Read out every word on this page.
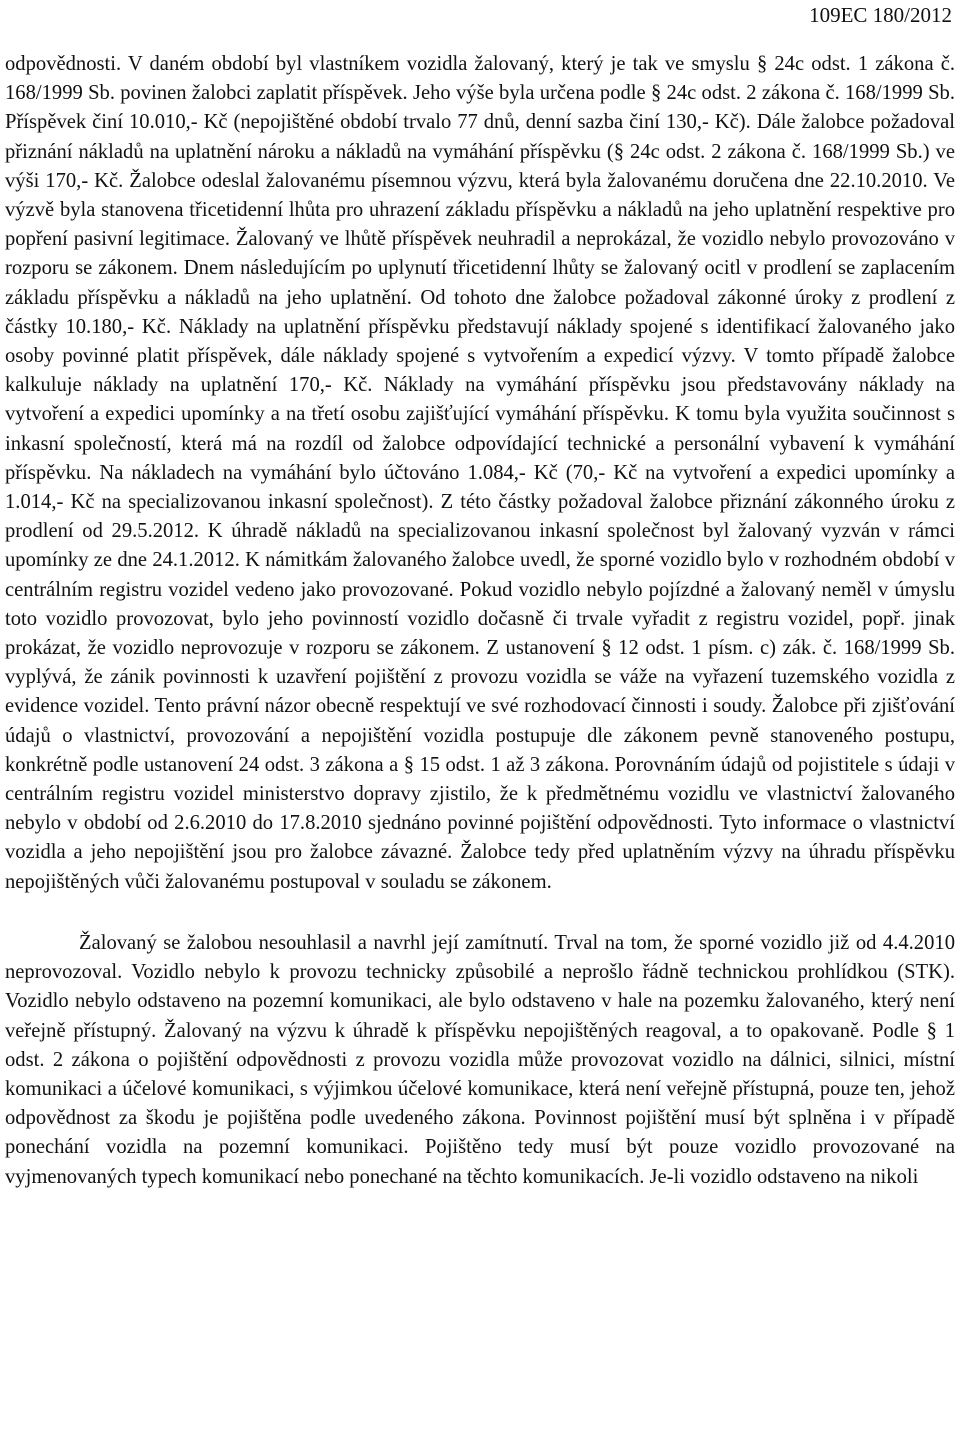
109EC 180/2012

odpovědnosti. V daném období byl vlastníkem vozidla žalovaný, který je tak ve smyslu § 24c odst. 1 zákona č. 168/1999 Sb. povinen žalobci zaplatit příspěvek. Jeho výše byla určena podle § 24c odst. 2 zákona č. 168/1999 Sb. Příspěvek činí 10.010,- Kč (nepojištěné období trvalo 77 dnů, denní sazba činí 130,- Kč). Dále žalobce požadoval přiznání nákladů na uplatnění nároku a nákladů na vymáhání příspěvku (§ 24c odst. 2 zákona č. 168/1999 Sb.) ve výši 170,- Kč. Žalobce odeslal žalovanému písemnou výzvu, která byla žalovanému doručena dne 22.10.2010. Ve výzvě byla stanovena třicetidenní lhůta pro uhrazení základu příspěvku a nákladů na jeho uplatnění respektive pro popření pasivní legitimace. Žalovaný ve lhůtě příspěvek neuhradil a neprokázal, že vozidlo nebylo provozováno v rozporu se zákonem. Dnem následujícím po uplynutí třicetidenní lhůty se žalovaný ocitl v prodlení se zaplacením základu příspěvku a nákladů na jeho uplatnění. Od tohoto dne žalobce požadoval zákonné úroky z prodlení z částky 10.180,- Kč. Náklady na uplatnění příspěvku představují náklady spojené s identifikací žalovaného jako osoby povinné platit příspěvek, dále náklady spojené s vytvořením a expedicí výzvy. V tomto případě žalobce kalkuluje náklady na uplatnění 170,- Kč. Náklady na vymáhání příspěvku jsou představovány náklady na vytvoření a expedici upomínky a na třetí osobu zajišťující vymáhání příspěvku. K tomu byla využita součinnost s inkasní společností, která má na rozdíl od žalobce odpovídající technické a personální vybavení k vymáhání příspěvku. Na nákladech na vymáhání bylo účtováno 1.084,- Kč (70,- Kč na vytvoření a expedici upomínky a 1.014,- Kč na specializovanou inkasní společnost). Z této částky požadoval žalobce přiznání zákonného úroku z prodlení od 29.5.2012. K úhradě nákladů na specializovanou inkasní společnost byl žalovaný vyzván v rámci upomínky ze dne 24.1.2012. K námitkám žalovaného žalobce uvedl, že sporné vozidlo bylo v rozhodném období v centrálním registru vozidel vedeno jako provozované. Pokud vozidlo nebylo pojízdné a žalovaný neměl v úmyslu toto vozidlo provozovat, bylo jeho povinností vozidlo dočasně či trvale vyřadit z registru vozidel, popř. jinak prokázat, že vozidlo neprovozuje v rozporu se zákonem. Z ustanovení § 12 odst. 1 písm. c) zák. č. 168/1999 Sb. vyplývá, že zánik povinnosti k uzavření pojištění z provozu vozidla se váže na vyřazení tuzemského vozidla z evidence vozidel. Tento právní názor obecně respektují ve své rozhodovací činnosti i soudy. Žalobce při zjišťování údajů o vlastnictví, provozování a nepojištění vozidla postupuje dle zákonem pevně stanoveného postupu, konkrétně podle ustanovení 24 odst. 3 zákona a § 15 odst. 1 až 3 zákona. Porovnáním údajů od pojistitele s údaji v centrálním registru vozidel ministerstvo dopravy zjistilo, že k předmětnému vozidlu ve vlastnictví žalovaného nebylo v období od 2.6.2010 do 17.8.2010 sjednáno povinné pojištění odpovědnosti. Tyto informace o vlastnictví vozidla a jeho nepojištění jsou pro žalobce závazné. Žalobce tedy před uplatněním výzvy na úhradu příspěvku nepojištěných vůči žalovanému postupoval v souladu se zákonem.

Žalovaný se žalobou nesouhlasil a navrhl její zamítnutí. Trval na tom, že sporné vozidlo již od 4.4.2010 neprovozoval. Vozidlo nebylo k provozu technicky způsobilé a neprošlo řádně technickou prohlídkou (STK). Vozidlo nebylo odstaveno na pozemní komunikaci, ale bylo odstaveno v hale na pozemku žalovaného, který není veřejně přístupný. Žalovaný na výzvu k úhradě k příspěvku nepojištěných reagoval, a to opakovaně. Podle § 1 odst. 2 zákona o pojištění odpovědnosti z provozu vozidla může provozovat vozidlo na dálnici, silnici, místní komunikaci a účelové komunikaci, s výjimkou účelové komunikace, která není veřejně přístupná, pouze ten, jehož odpovědnost za škodu je pojištěna podle uvedeného zákona. Povinnost pojištění musí být splněna i v případě ponechání vozidla na pozemní komunikaci. Pojištěno tedy musí být pouze vozidlo provozované na vyjmenovaných typech komunikací nebo ponechané na těchto komunikacích. Je-li vozidlo odstaveno na nikoli
